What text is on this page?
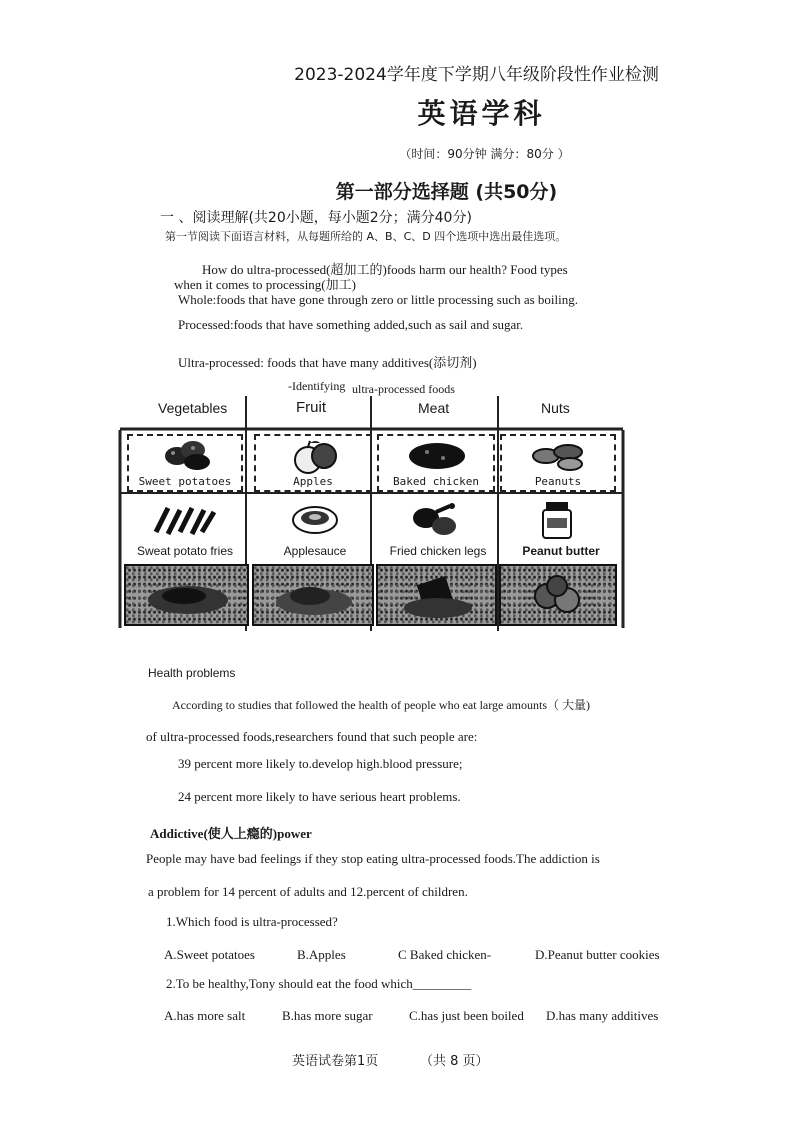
2023-2024学年度下学期八年级阶段性作业检测
英语学科
（时间：90分钟 满分：80分 ）
第一部分选择题 (共50分)
一 、阅读理解(共20小题，每小题2分；满分40分)
第一节阅读下面语言材料，从每题所给的 A、B、C、D 四个选项中选出最佳选项。
How do ultra-processed(超加工的)foods harm our health? Food types
when it comes to processing(加工)
Whole:foods that have gone through zero or little processing such as boiling.
Processed:foods that have something added,such as sail and sugar.
Ultra-processed: foods that have many additives(添切剂)
-Identifying ultra-processed foods
Vegetables	Fruit	Meat	Nuts
Sweet potatoes	Apples	Baked chicken	Peanuts
Sweat potato fries	Applesauce	Fried chicken legs	Peanut butter
Health problems
According to studies that followed the health of people who eat large amounts（ 大量)
of ultra-processed foods,researchers found that such people are:
39 percent more likely to.develop high.blood pressure;
24 percent more likely to have serious heart problems.
Addictive(使人上瘾的)power
People may have bad feelings if they stop eating ultra-processed foods.The addiction is
a problem for 14 percent of adults and 12.percent of children.
1.Which food is ultra-processed?
A.Sweet potatoes	B.Apples	C Baked chicken-	D.Peanut butter cookies
2.To be healthy,Tony should eat the food which_________
A.has more salt	B.has more sugar	C.has just been boiled D.has many additives
英语试卷第1页	（共 8 页）
